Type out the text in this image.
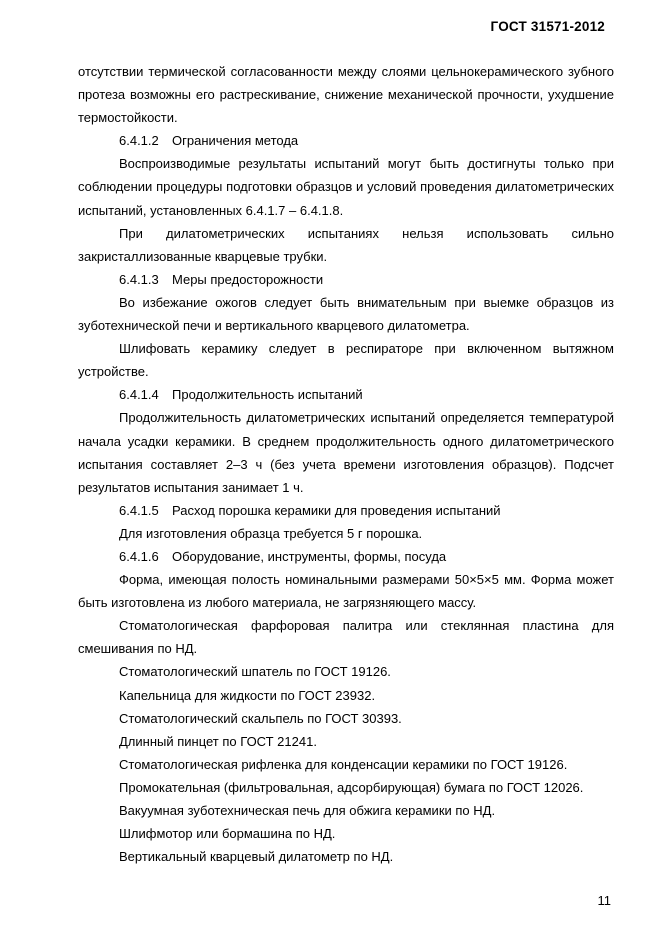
ГОСТ 31571-2012

отсутствии термической согласованности между слоями цельнокерамического зубного протеза возможны его растрескивание, снижение механической прочности, ухудшение термостойкости.

6.4.1.2 Ограничения метода

Воспроизводимые результаты испытаний могут быть достигнуты только при соблюдении процедуры подготовки образцов и условий проведения дилатометрических испытаний, установленных 6.4.1.7 – 6.4.1.8.

При дилатометрических испытаниях нельзя использовать сильно закристаллизованные кварцевые трубки.

6.4.1.3 Меры предосторожности

Во избежание ожогов следует быть внимательным при выемке образцов из зуботехнической печи и вертикального кварцевого дилатометра.

Шлифовать керамику следует в респираторе при включенном вытяжном устройстве.

6.4.1.4 Продолжительность испытаний

Продолжительность дилатометрических испытаний определяется температурой начала усадки керамики. В среднем продолжительность одного дилатометрического испытания составляет 2–3 ч (без учета времени изготовления образцов). Подсчет результатов испытания занимает 1 ч.

6.4.1.5 Расход порошка керамики для проведения испытаний

Для изготовления образца требуется 5 г порошка.

6.4.1.6 Оборудование, инструменты, формы, посуда

Форма, имеющая полость номинальными размерами 50×5×5 мм. Форма может быть изготовлена из любого материала, не загрязняющего массу.

Стоматологическая фарфоровая палитра или стеклянная пластина для смешивания по НД.

Стоматологический шпатель по ГОСТ 19126.

Капельница для жидкости по ГОСТ 23932.

Стоматологический скальпель по ГОСТ 30393.

Длинный пинцет по ГОСТ 21241.

Стоматологическая рифленка для конденсации керамики по ГОСТ 19126.

Промокательная (фильтровальная, адсорбирующая) бумага по ГОСТ 12026.

Вакуумная зуботехническая печь для обжига керамики по НД.

Шлифмотор или бормашина по НД.

Вертикальный кварцевый дилатометр по НД.

11
